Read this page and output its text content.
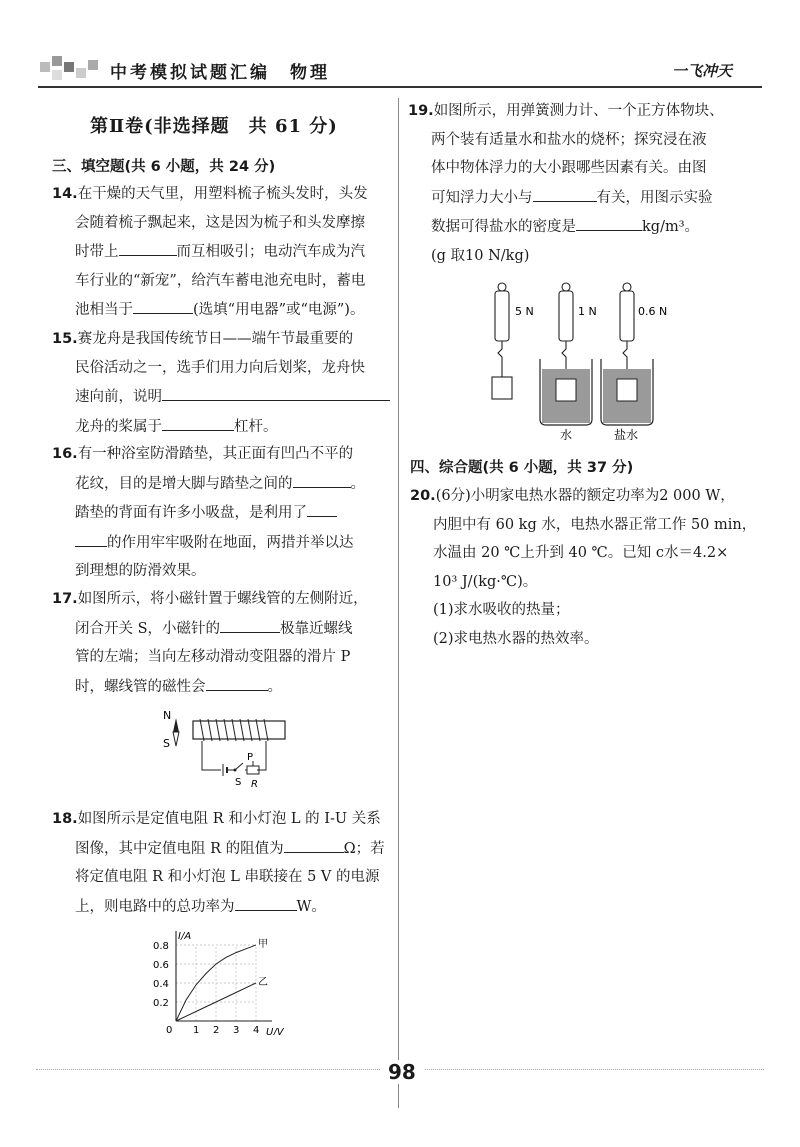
中考模拟试题汇编　物理	一飞冲天
第Ⅱ卷(非选择题　共 61 分)
三、填空题(共 6 小题，共 24 分)
14.在干燥的天气里，用塑料梳子梳头发时，头发
会随着梳子飘起来，这是因为梳子和头发摩擦
时带上	而互相吸引；电动汽车成为汽
车行业的“新宠”，给汽车蓄电池充电时，蓄电
池相当于	(选填“用电器”或“电源”)。
15.赛龙舟是我国传统节日——端午节最重要的
民俗活动之一，选手们用力向后划桨，龙舟快
速向前，说明
龙舟的桨属于	杠杆。
16.有一种浴室防滑踏垫，其正面有凹凸不平的
花纹，目的是增大脚与踏垫之间的	。
踏垫的背面有许多小吸盘，是利用了
的作用牢牢吸附在地面，两措并举以达
到理想的防滑效果。
17.如图所示，将小磁针置于螺线管的左侧附近，
闭合开关 S，小磁针的	极靠近螺线
管的左端；当向左移动滑动变阻器的滑片 P
时，螺线管的磁性会	。
N
S
P
S R
18.如图所示是定值电阻 R 和小灯泡 L 的 I-U 关系
图像，其中定值电阻 R 的阻值为	Ω；若
将定值电阻 R 和小灯泡 L 串联接在 5 V 的电源
上，则电路中的总功率为	W。
甲
乙
1 2 3 4
0.2
0.4
0.6
0.8
0	U/V
I/A
19.如图所示，用弹簧测力计、一个正方体物块、
两个装有适量水和盐水的烧杯；探究浸在液
体中物体浮力的大小跟哪些因素有关。由图
可知浮力大小与	有关，用图示实验
数据可得盐水的密度是	kg/m³。
(g 取10 N/kg)
5 N	1 N	0.6 N
水	盐水
四、综合题(共 6 小题，共 37 分)
20.(6分)小明家电热水器的额定功率为2 000 W，
内胆中有 60 kg 水，电热水器正常工作 50 min，
水温由 20 ℃上升到 40 ℃。已知 c水＝4.2×
10³ J/(kg·℃)。
(1)求水吸收的热量；
(2)求电热水器的热效率。
98
